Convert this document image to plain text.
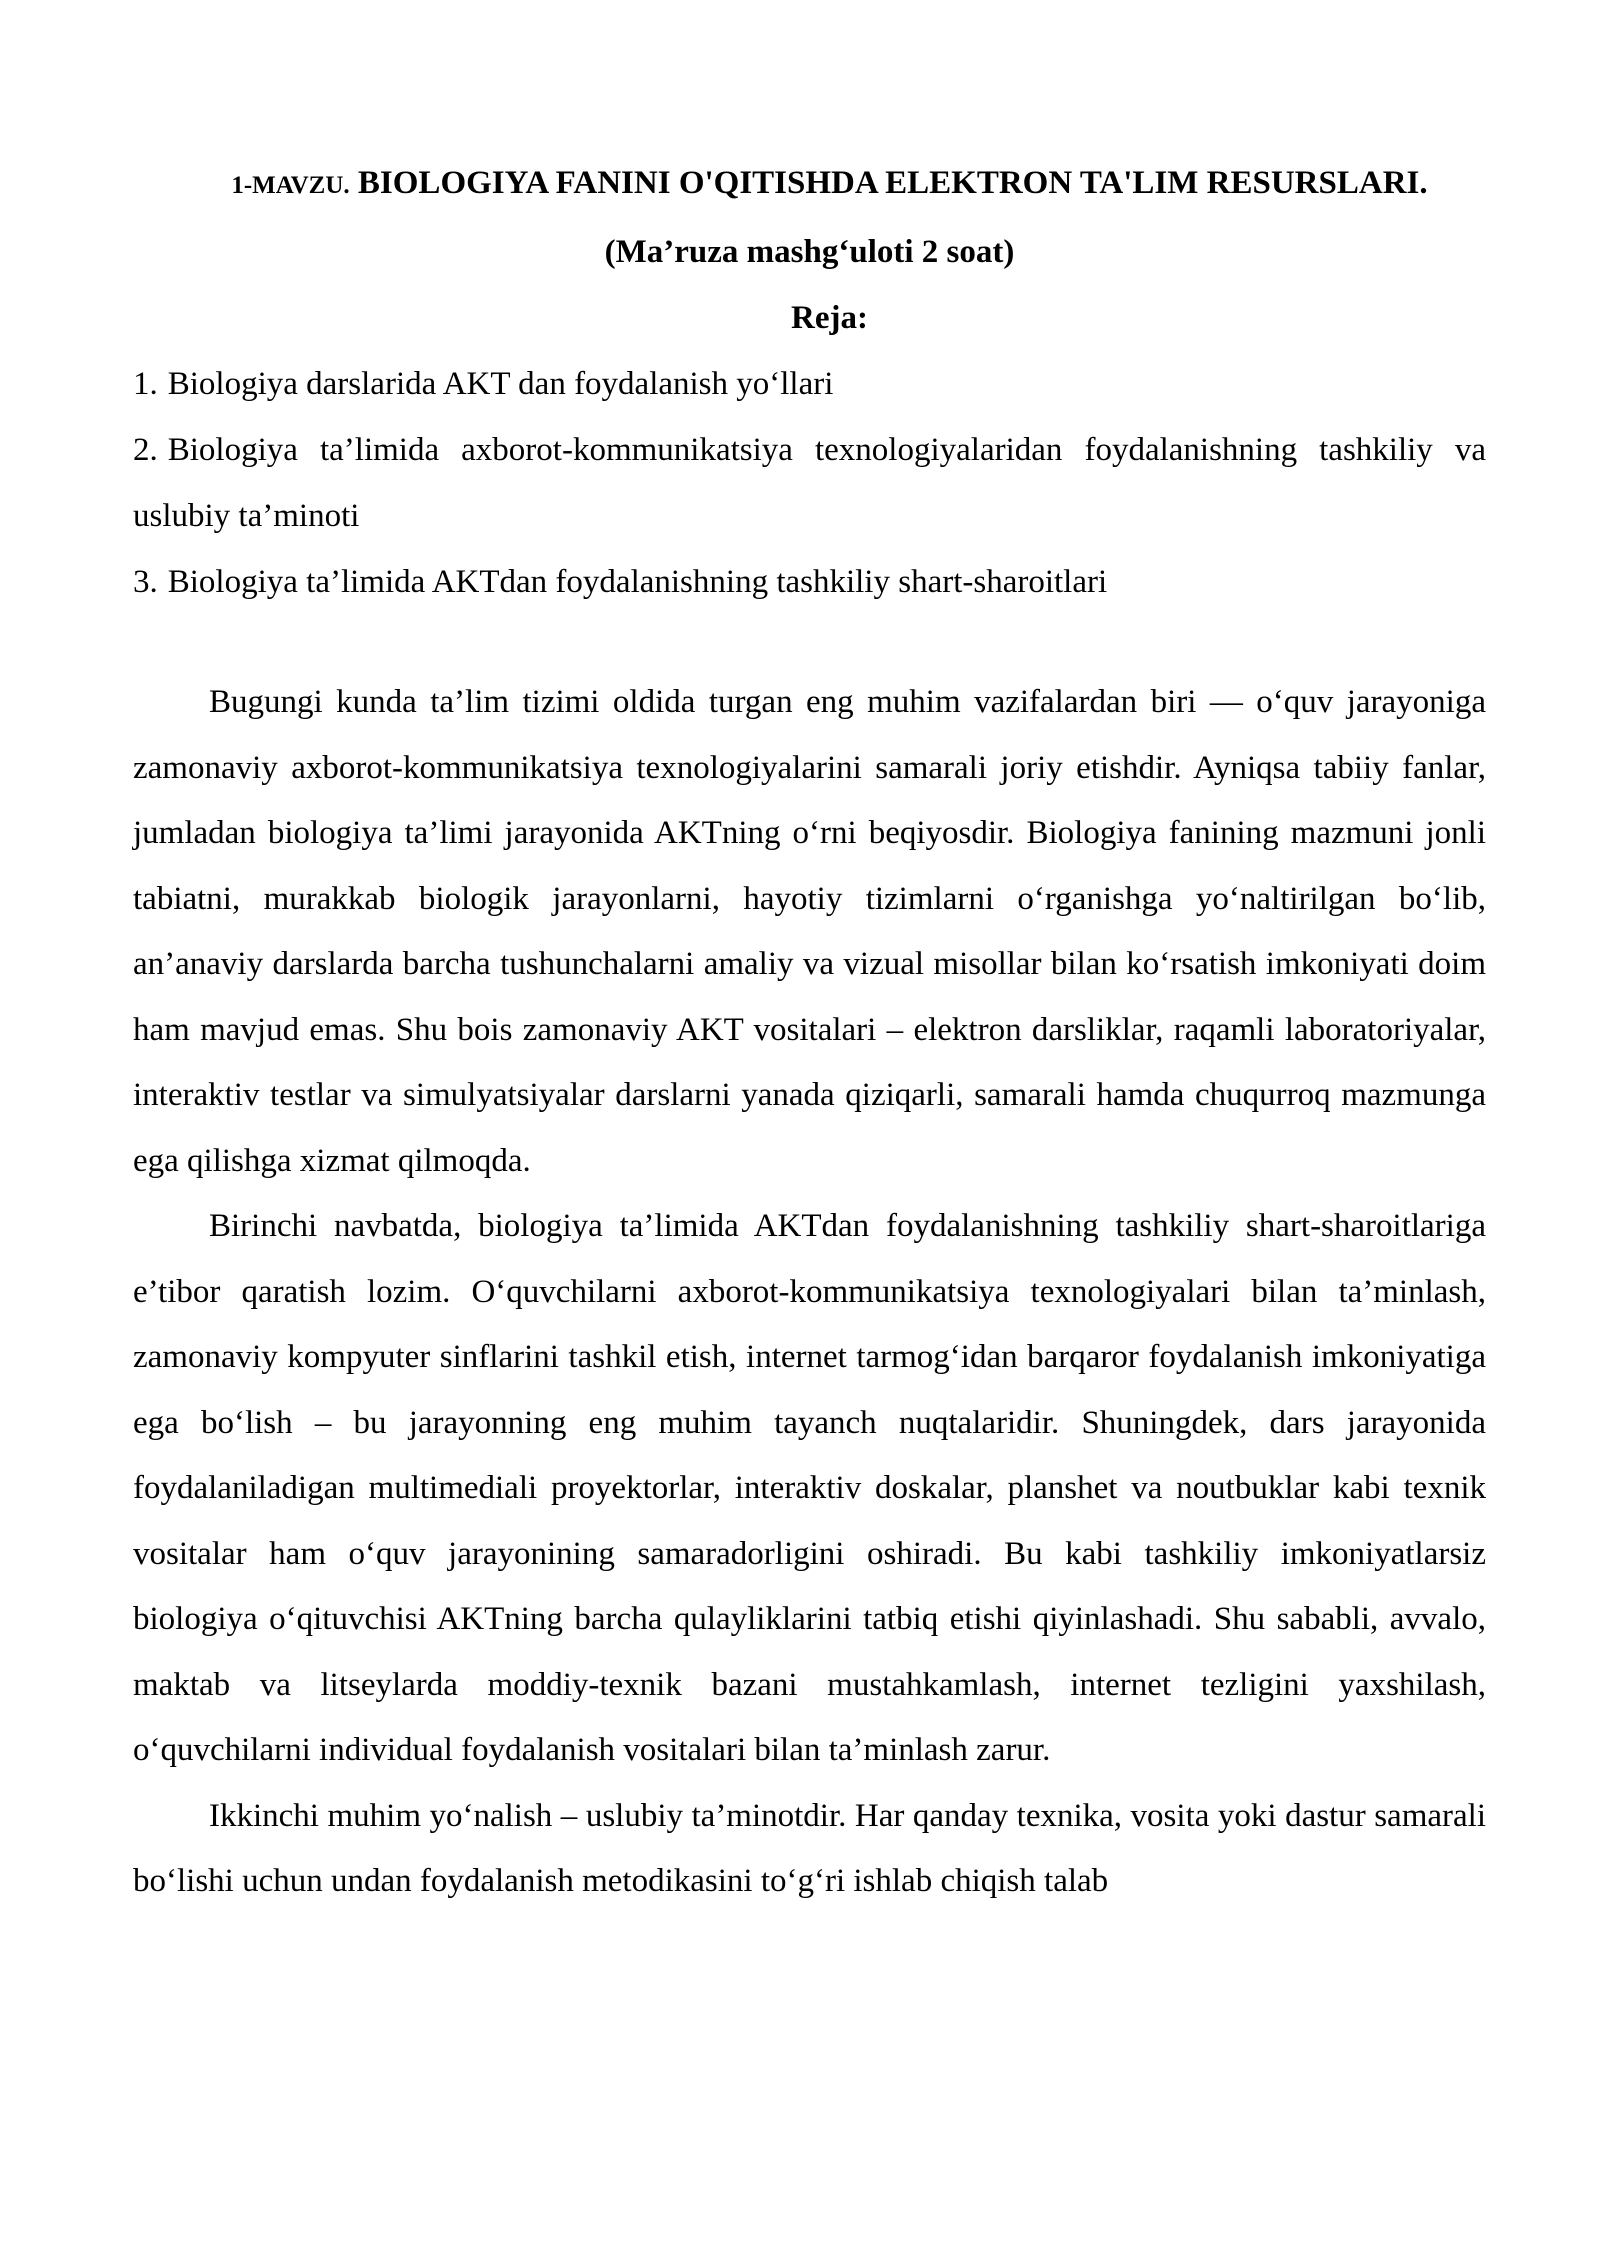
1-MAVZU. BIOLOGIYA FANINI O'QITISHDA ELEKTRON TA'LIM RESURSLARI.

(Ma’ruza mashg‘uloti 2 soat)

Reja:

1. Biologiya darslarida AKT dan foydalanish yo‘llari
2. Biologiya ta’limida axborot-kommunikatsiya texnologiyalaridan foydalanishning tashkiliy va uslubiy ta’minoti
3. Biologiya ta’limida AKTdan foydalanishning tashkiliy shart-sharoitlari

Bugungi kunda ta’lim tizimi oldida turgan eng muhim vazifalardan biri — o‘quv jarayoniga zamonaviy axborot-kommunikatsiya texnologiyalarini samarali joriy etishdir. Ayniqsa tabiiy fanlar, jumladan biologiya ta’limi jarayonida AKTning o‘rni beqiyosdir. Biologiya fanining mazmuni jonli tabiatni, murakkab biologik jarayonlarni, hayotiy tizimlarni o‘rganishga yo‘naltirilgan bo‘lib, an’anaviy darslarda barcha tushunchalarni amaliy va vizual misollar bilan ko‘rsatish imkoniyati doim ham mavjud emas. Shu bois zamonaviy AKT vositalari – elektron darsliklar, raqamli laboratoriyalar, interaktiv testlar va simulyatsiyalar darslarni yanada qiziqarli, samarali hamda chuqurroq mazmunga ega qilishga xizmat qilmoqda.

Birinchi navbatda, biologiya ta’limida AKTdan foydalanishning tashkiliy shart-sharoitlariga e’tibor qaratish lozim. O‘quvchilarni axborot-kommunikatsiya texnologiyalari bilan ta’minlash, zamonaviy kompyuter sinflarini tashkil etish, internet tarmog‘idan barqaror foydalanish imkoniyatiga ega bo‘lish – bu jarayonning eng muhim tayanch nuqtalaridir. Shuningdek, dars jarayonida foydalaniladigan multimediali proyektorlar, interaktiv doskalar, planshet va noutbuklar kabi texnik vositalar ham o‘quv jarayonining samaradorligini oshiradi. Bu kabi tashkiliy imkoniyatlarsiz biologiya o‘qituvchisi AKTning barcha qulayliklarini tatbiq etishi qiyinlashadi. Shu sababli, avvalo, maktab va litseylarda moddiy-texnik bazani mustahkamlash, internet tezligini yaxshilash, o‘quvchilarni individual foydalanish vositalari bilan ta’minlash zarur.

Ikkinchi muhim yo‘nalish – uslubiy ta’minotdir. Har qanday texnika, vosita yoki dastur samarali bo‘lishi uchun undan foydalanish metodikasini to‘g‘ri ishlab chiqish talab
